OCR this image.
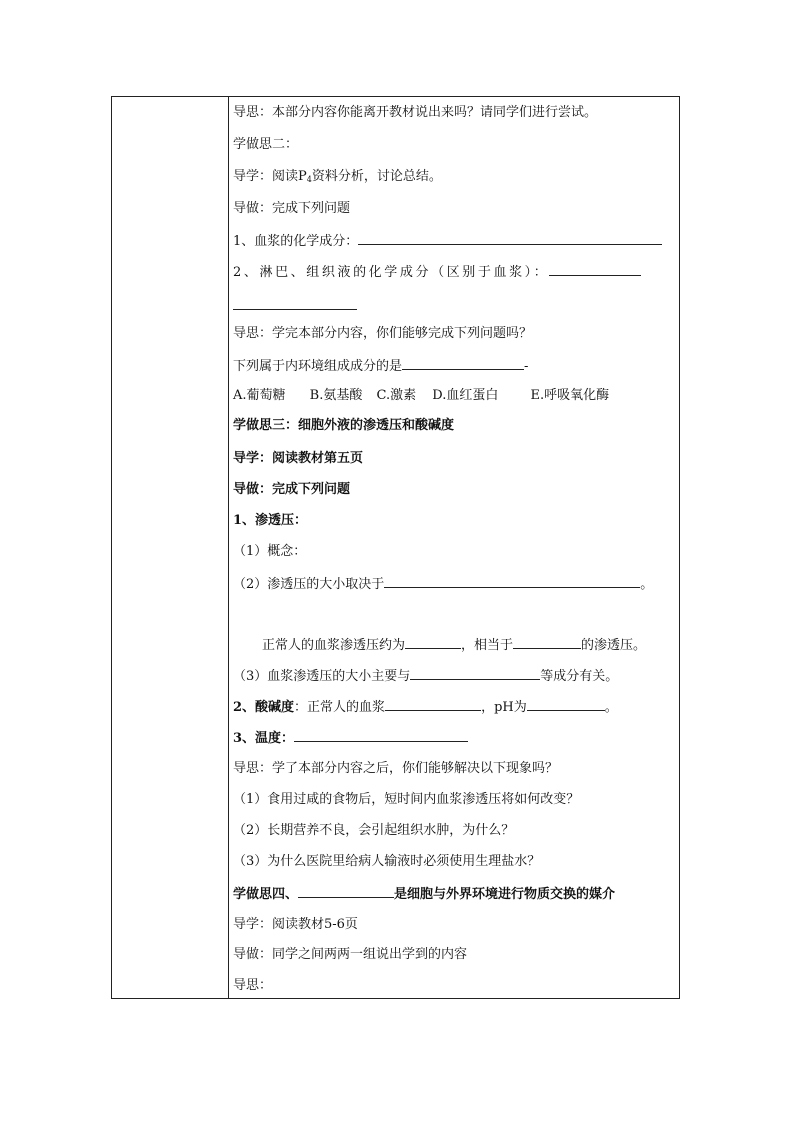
导思：本部分内容你能离开教材说出来吗？请同学们进行尝试。
学做思二：
导学：阅读$P_4$资料分析，讨论总结。
导做：完成下列问题
1、血浆的化学成分：
2、淋巴、组织液的化学成分（区别于血浆）：
导思：学完本部分内容，你们能够完成下列问题吗？
下列属于内环境组成成分的是	-
A.葡萄糖 B.氨基酸 C.激素 D.血红蛋白 E.呼吸氧化酶
学做思三：细胞外液的渗透压和酸碱度
导学：阅读教材第五页
导做：完成下列问题
1、渗透压：
（1）概念：
（2）渗透压的大小取决于	。
正常人的血浆渗透压约为	，相当于	的渗透压。
（3）血浆渗透压的大小主要与	等成分有关。
2、酸碱度：正常人的血浆	，pH为	。
3、温度：
导思：学了本部分内容之后，你们能够解决以下现象吗？
（1）食用过咸的食物后，短时间内血浆渗透压将如何改变？
（2）长期营养不良，会引起组织水肿，为什么？
（3）为什么医院里给病人输液时必须使用生理盐水？
学做思四、	是细胞与外界环境进行物质交换的媒介
导学：阅读教材5-6页
导做：同学之间两两一组说出学到的内容
导思：
